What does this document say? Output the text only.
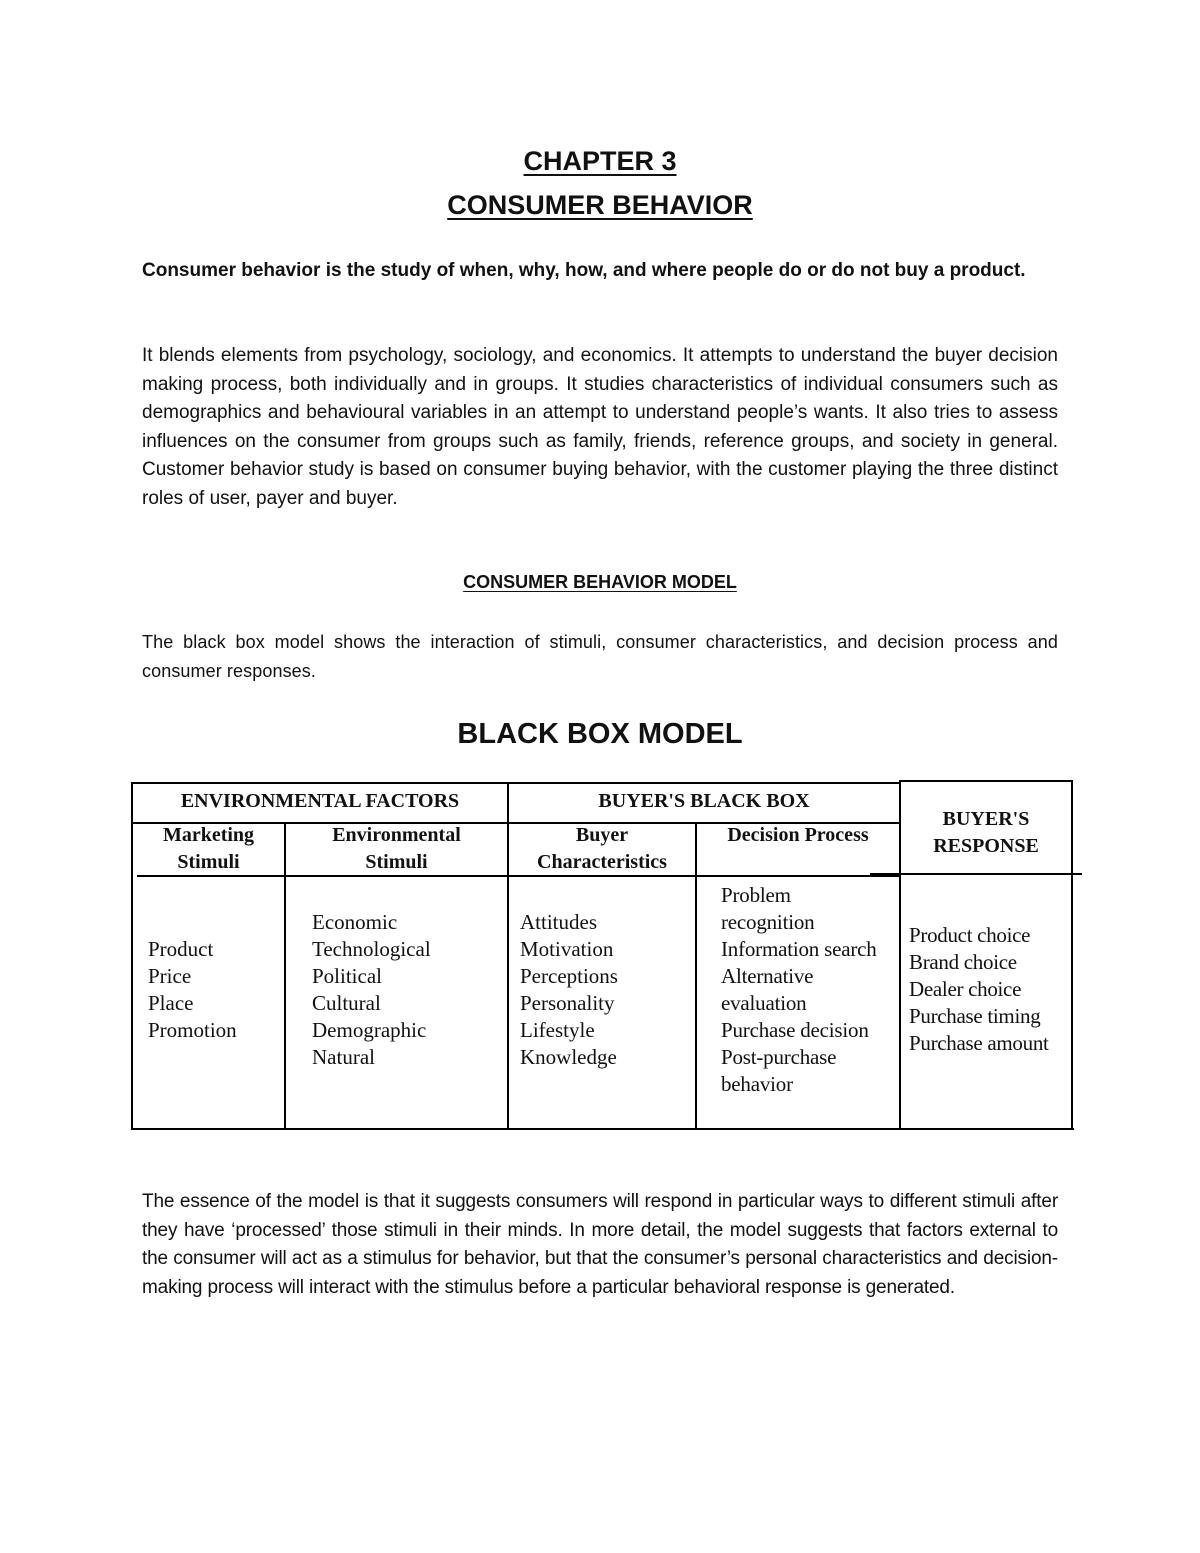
CHAPTER 3
CONSUMER BEHAVIOR

Consumer behavior is the study of when, why, how, and where people do or do not buy a product.

It blends elements from psychology, sociology, and economics. It attempts to understand the buyer decision making process, both individually and in groups. It studies characteristics of individual consumers such as demographics and behavioural variables in an attempt to understand people’s wants. It also tries to assess influences on the consumer from groups such as family, friends, reference groups, and society in general. Customer behavior study is based on consumer buying behavior, with the customer playing the three distinct roles of user, payer and buyer.

CONSUMER BEHAVIOR MODEL

The black box model shows the interaction of stimuli, consumer characteristics, and decision process and consumer responses.

BLACK BOX MODEL
ENVIRONMENTAL FACTORS	BUYER'S BLACK BOX
BUYER'S
RESPONSE
Marketing
Stimuli
Environmental
Stimuli
Buyer
Characteristics
Decision Process
Product
Price
Place
Promotion
Economic
Technological
Political
Cultural
Demographic
Natural
Attitudes
Motivation
Perceptions
Personality
Lifestyle
Knowledge
Problem
recognition
Information search
Alternative
evaluation
Purchase decision
Post-purchase
behavior
Product choice
Brand choice
Dealer choice
Purchase timing
Purchase amount

The essence of the model is that it suggests consumers will respond in particular ways to different stimuli after they have ‘processed’ those stimuli in their minds. In more detail, the model suggests that factors external to the consumer will act as a stimulus for behavior, but that the consumer’s personal characteristics and decision-making process will interact with the stimulus before a particular behavioral response is generated.
